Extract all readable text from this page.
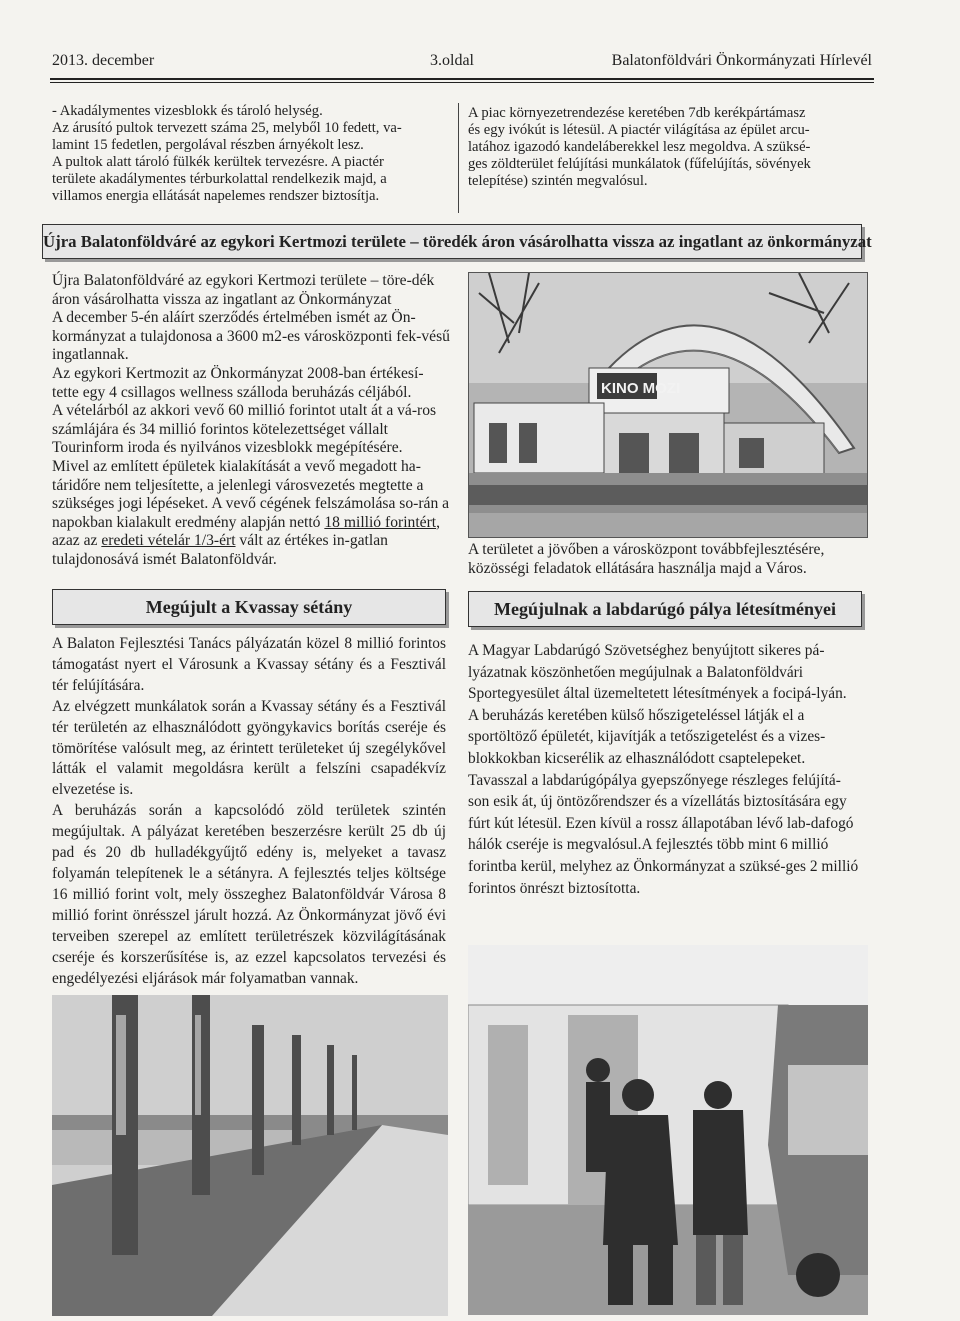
2013. december	3.oldal	Balatonföldvári Önkormányzati Hírlevél
- Akadálymentes vizesblokk és tároló helység.
Az árusító pultok tervezett száma 25, melyből 10 fedett, va-
lamint 15 fedetlen, pergolával részben árnyékolt lesz.
A pultok alatt tároló fülkék kerültek tervezésre. A piactér
területe akadálymentes térburkolattal rendelkezik majd, a
villamos energia ellátását napelemes rendszer biztosítja.
A piac környezetrendezése keretében 7db kerékpártámasz
és egy ivókút is létesül. A piactér világítása az épület arcu-
latához igazodó kandeláberekkel lesz megoldva. A szüksé-
ges zöldterület felújítási munkálatok (fűfelújítás, sövények
telepítése) szintén megvalósul.
Újra Balatonföldváré az egykori Kertmozi területe – töredék áron vásárolhatta vissza az ingatlant az önkormányzat

Újra Balatonföldváré az egykori Kertmozi területe – töre-dék áron vásárolhatta vissza az ingatlant az Önkormányzat

A december 5-én aláírt szerződés értelmében ismét az Ön-kormányzat a tulajdonosa a 3600 m2-es városközponti fek-vésű ingatlannak.

Az egykori Kertmozit az Önkormányzat 2008-ban értékesí-tette egy 4 csillagos wellness szálloda beruházás céljából.

A vételárból az akkori vevő 60 millió forintot utalt át a vá-ros számlájára és 34 millió forintos kötelezettséget vállalt Tourinform iroda és nyilvános vizesblokk megépítésére.

Mivel az említett épületek kialakítását a vevő megadott ha-táridőre nem teljesítette, a jelenlegi városvezetés megtette a szükséges jogi lépéseket. A vevő cégének felszámolása so-rán a napokban kialakult eredmény alapján nettó 18 millió forintért, azaz az eredeti vételár 1/3-ért vált az értékes in-gatlan tulajdonosává ismét Balatonföldvár.

KINO MOZI
A területet a jövőben a városközpont továbbfejlesztésére, közösségi feladatok ellátására használja majd a Város.
Megújult a Kvassay sétány	Megújulnak a labdarúgó pálya létesítményei

A Balaton Fejlesztési Tanács pályázatán közel 8 millió forintos támogatást nyert el Városunk a Kvassay sétány és a Fesztivál tér felújítására.

Az elvégzett munkálatok során a Kvassay sétány és a Fesztivál tér területén az elhasználódott gyöngykavics borítás cseréje és tömörítése valósult meg, az érintett területeket új szegélykővel látták el valamit megoldásra került a felszíni csapadékvíz elvezetése is.

A beruházás során a kapcsolódó zöld területek szintén megújultak. A pályázat keretében beszerzésre került 25 db új pad és 20 db hulladékgyűjtő edény is, melyeket a tavasz folyamán telepítenek le a sétányra. A fejlesztés teljes költsége 16 millió forint volt, mely összeghez Balatonföldvár Városa 8 millió forint önrésszel járult hozzá. Az Önkormányzat jövő évi terveiben szerepel az említett területrészek közvilágításának cseréje és korszerűsítése is, az ezzel kapcsolatos tervezési és engedélyezési eljárások már folyamatban vannak.

A Magyar Labdarúgó Szövetséghez benyújtott sikeres pá-lyázatnak köszönhetően megújulnak a Balatonföldvári Sportegyesület által üzemeltetett létesítmények a focipá-lyán.

A beruházás keretében külső hőszigeteléssel látják el a sportöltöző épületét, kijavítják a tetőszigetelést és a vizes-blokkokban kicserélik az elhasználódott csaptelepeket.

Tavasszal a labdarúgópálya gyepszőnyege részleges felújítá-son esik át, új öntözőrendszer és a vízellátás biztosítására egy fúrt kút létesül. Ezen kívül a rossz állapotában lévő lab-dafogó hálók cseréje is megvalósul.A fejlesztés több mint 6 millió forintba kerül, melyhez az Önkormányzat a szüksé-ges 2 millió forintos önrészt biztosította.
